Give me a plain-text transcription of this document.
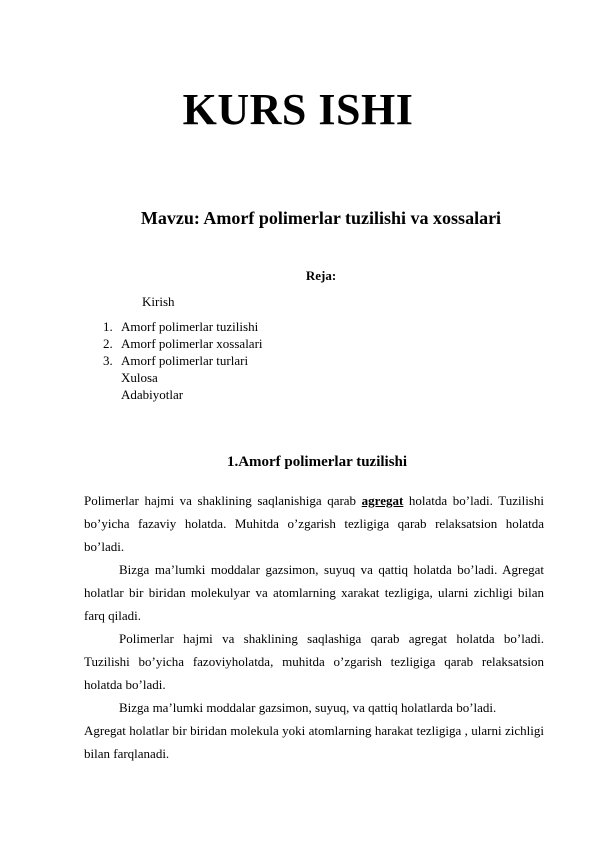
KURS ISHI
Mavzu: Amorf polimerlar tuzilishi va xossalari
Reja:
Kirish
1. Amorf polimerlar tuzilishi
2. Amorf polimerlar xossalari
3. Amorf polimerlar turlari
Xulosa
Adabiyotlar
1.Amorf polimerlar tuzilishi

Polimerlar hajmi va shaklining saqlanishiga qarab agregat holatda bo’ladi. Tuzilishi bo’yicha fazaviy holatda. Muhitda o’zgarish tezligiga qarab relaksatsion holatda bo’ladi.

Bizga ma’lumki moddalar gazsimon, suyuq va qattiq holatda bo’ladi. Agregat holatlar bir biridan molekulyar va atomlarning xarakat tezligiga, ularni zichligi bilan farq qiladi.

Polimerlar hajmi va shaklining saqlashiga qarab agregat holatda bo’ladi. Tuzilishi bo’yicha fazoviyholatda, muhitda o’zgarish tezligiga qarab relaksatsion holatda bo’ladi.

Bizga ma’lumki moddalar gazsimon, suyuq, va qattiq holatlarda bo’ladi.

Agregat holatlar bir biridan molekula yoki atomlarning harakat tezligiga , ularni zichligi bilan farqlanadi.
